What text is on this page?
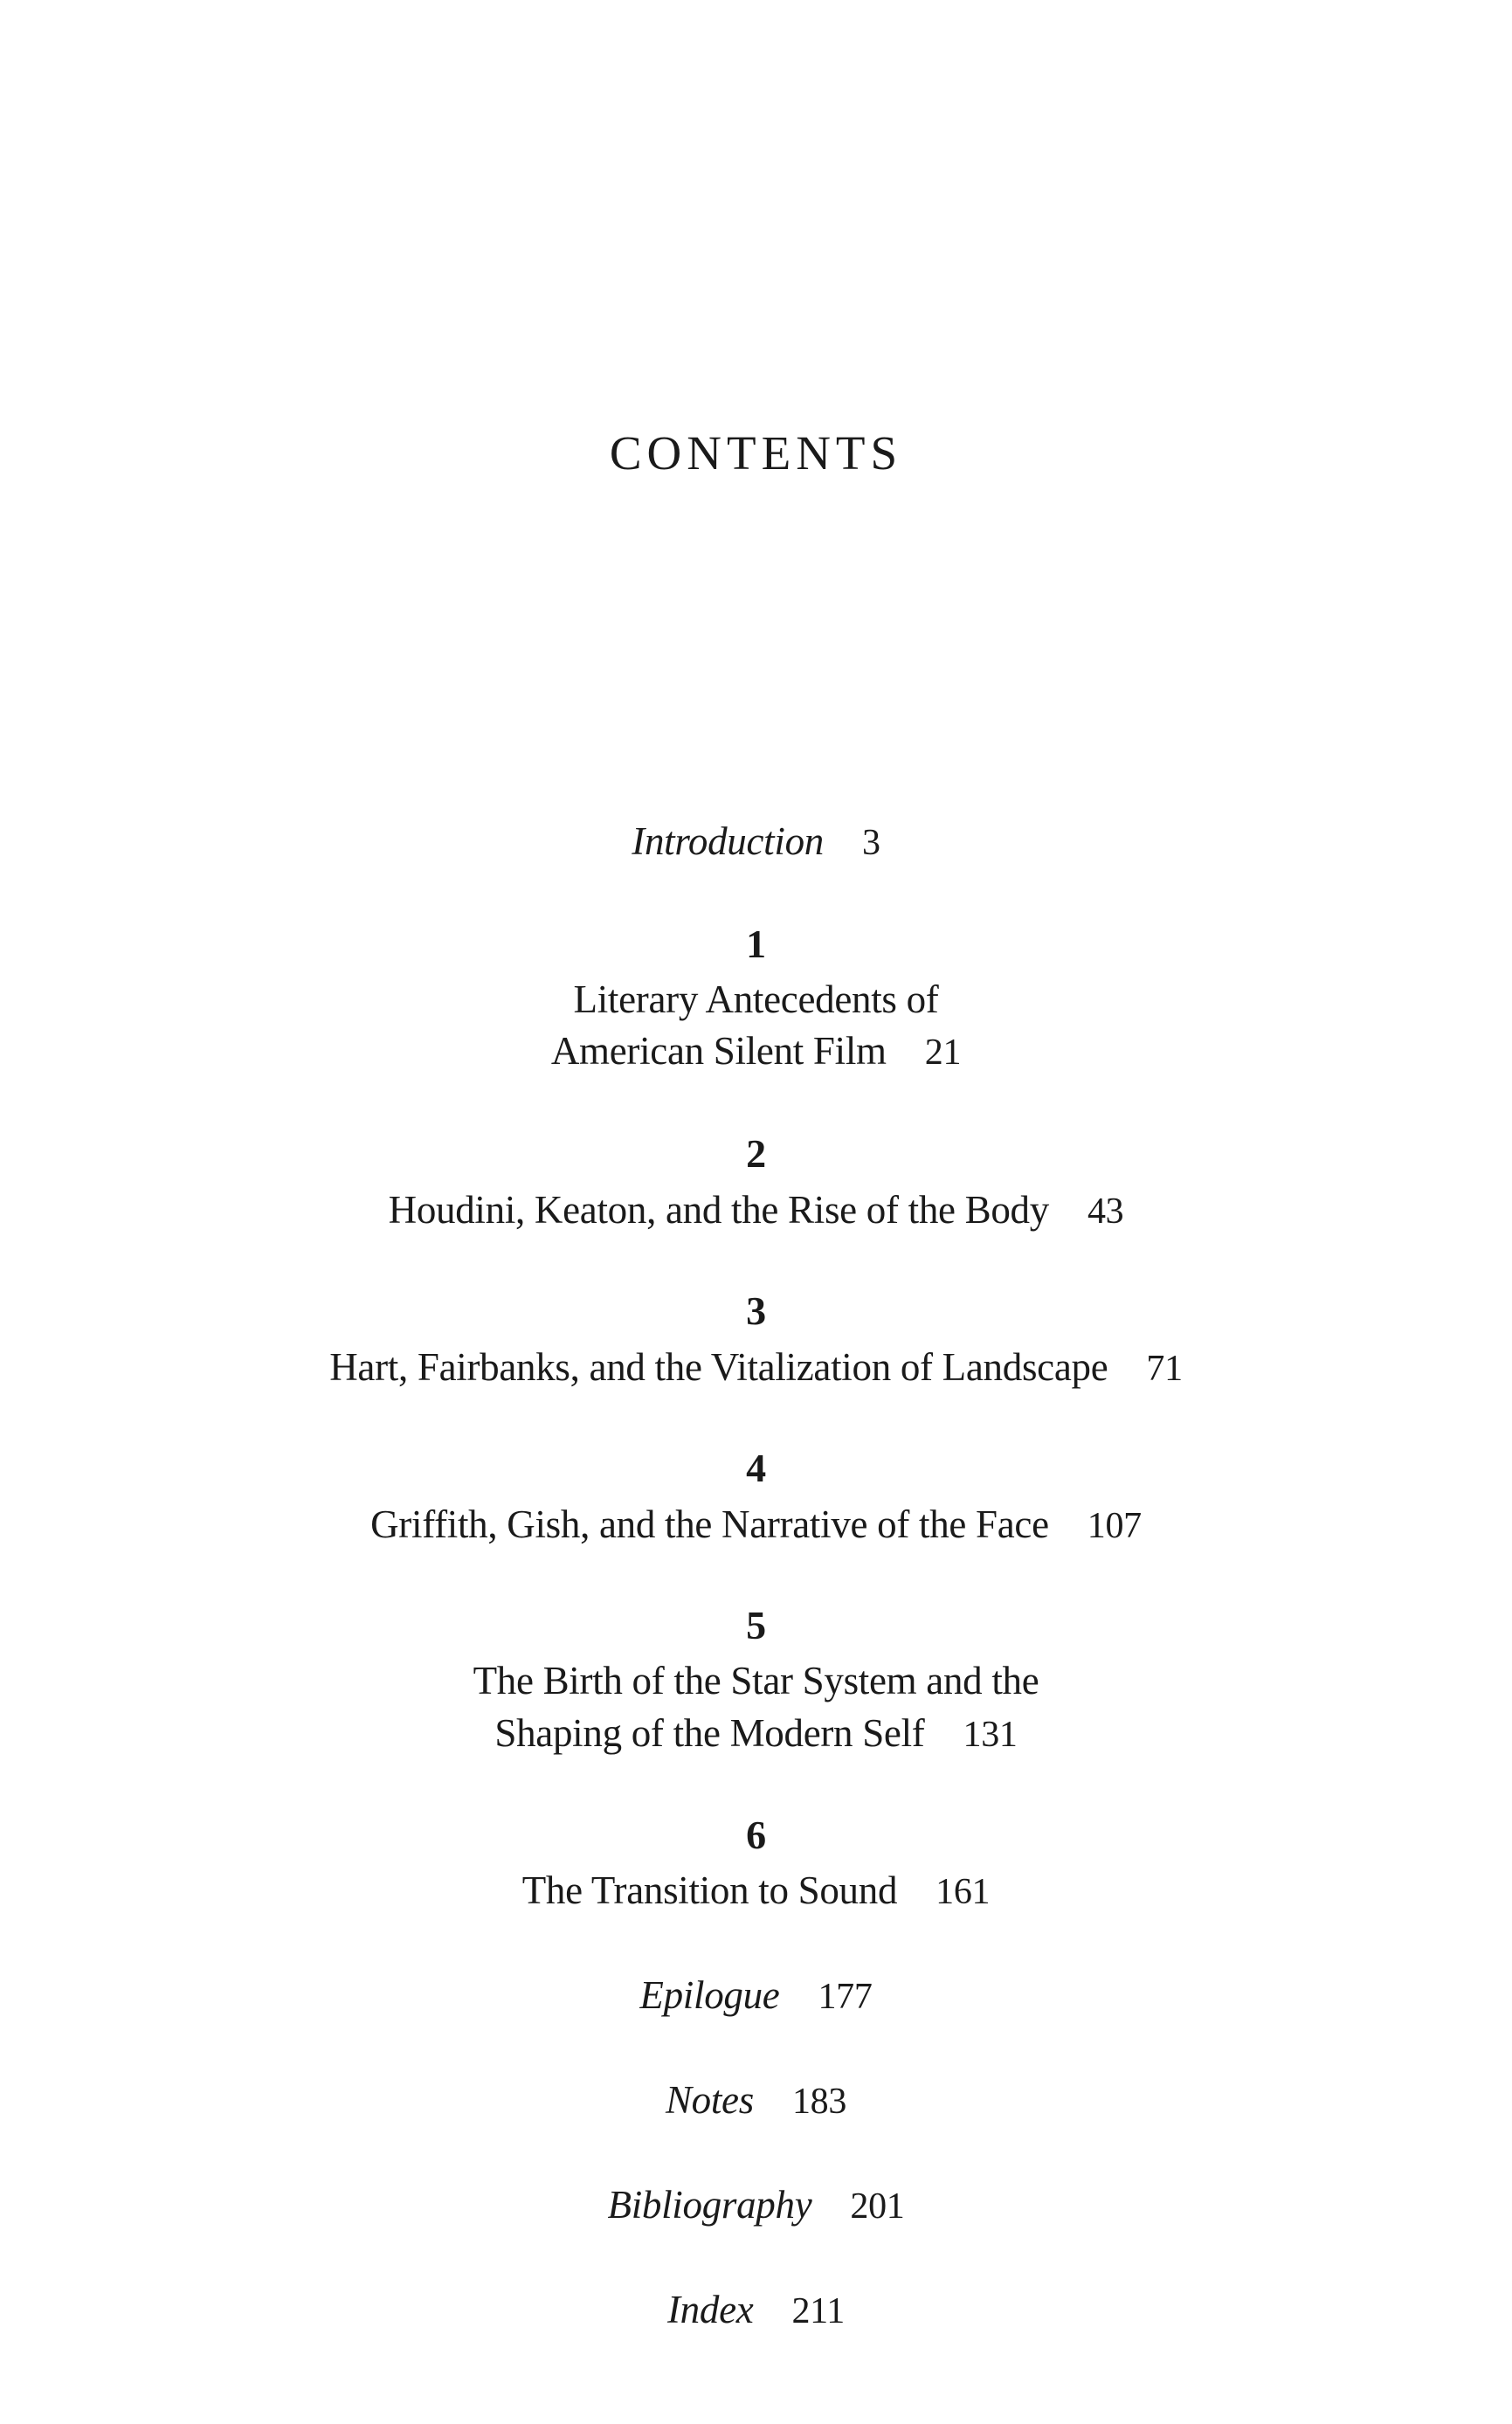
CONTENTS
Introduction 3
1
Literary Antecedents of
American Silent Film 21
2
Houdini, Keaton, and the Rise of the Body 43
3
Hart, Fairbanks, and the Vitalization of Landscape 71
4
Griffith, Gish, and the Narrative of the Face 107
5
The Birth of the Star System and the
Shaping of the Modern Self 131
6
The Transition to Sound 161
Epilogue 177
Notes 183
Bibliography 201
Index 211
